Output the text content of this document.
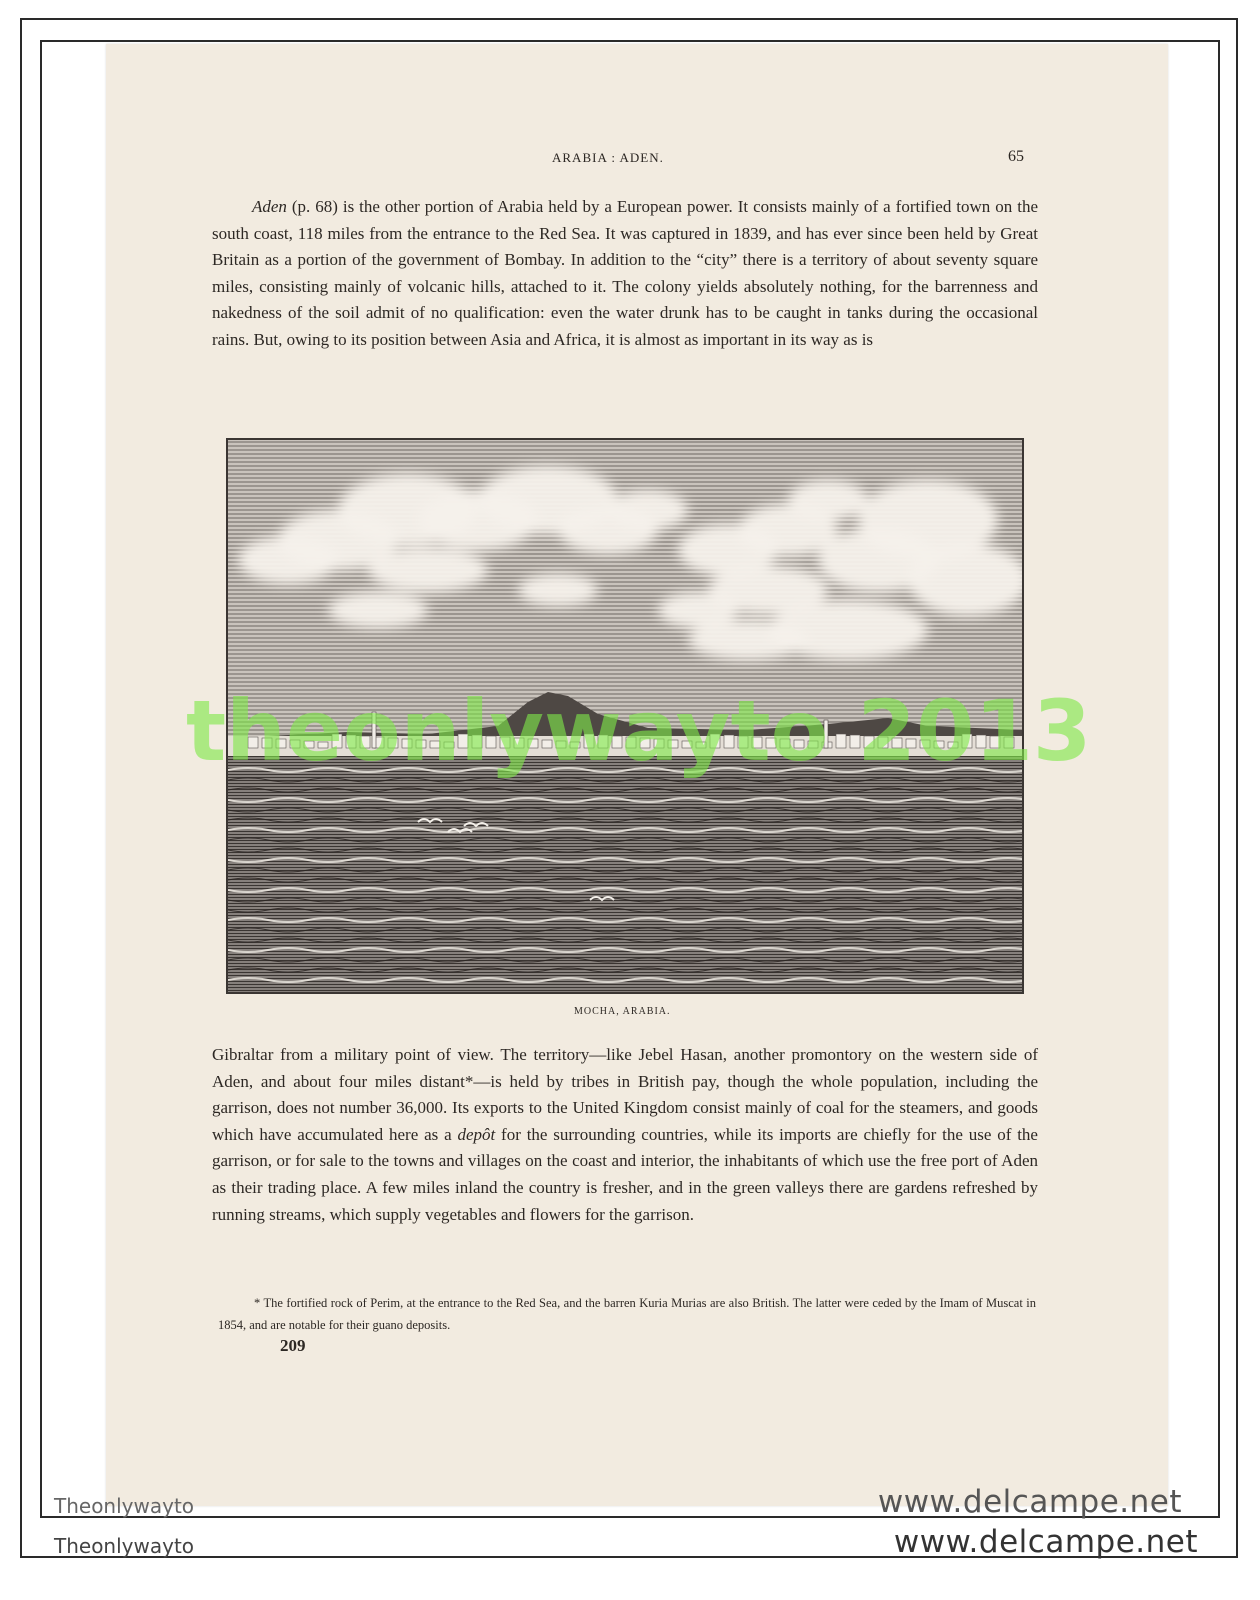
ARABIA : ADEN.	65

Aden (p. 68) is the other portion of Arabia held by a European power. It consists mainly of a fortified town on the south coast, 118 miles from the entrance to the Red Sea. It was captured in 1839, and has ever since been held by Great Britain as a portion of the government of Bombay. In addition to the “city” there is a territory of about seventy square miles, consisting mainly of volcanic hills, attached to it. The colony yields absolutely nothing, for the barrenness and nakedness of the soil admit of no qualification: even the water drunk has to be caught in tanks during the occasional rains. But, owing to its position between Asia and Africa, it is almost as important in its way as is

MOCHA, ARABIA.
theonlywayto 2013

Gibraltar from a military point of view. The territory—like Jebel Hasan, another promontory on the western side of Aden, and about four miles distant*—is held by tribes in British pay, though the whole population, including the garrison, does not number 36,000. Its exports to the United Kingdom consist mainly of coal for the steamers, and goods which have accumulated here as a depôt for the surrounding countries, while its imports are chiefly for the use of the garrison, or for sale to the towns and villages on the coast and interior, the inhabitants of which use the free port of Aden as their trading place. A few miles inland the country is fresher, and in the green valleys there are gardens refreshed by running streams, which supply vegetables and flowers for the garrison.

* The fortified rock of Perim, at the entrance to the Red Sea, and the barren Kuria Murias are also British. The latter were ceded by the Imam of Muscat in 1854, and are notable for their guano deposits.

209
Theonlywayto	www.delcampe.net
Theonlywayto	www.delcampe.net
